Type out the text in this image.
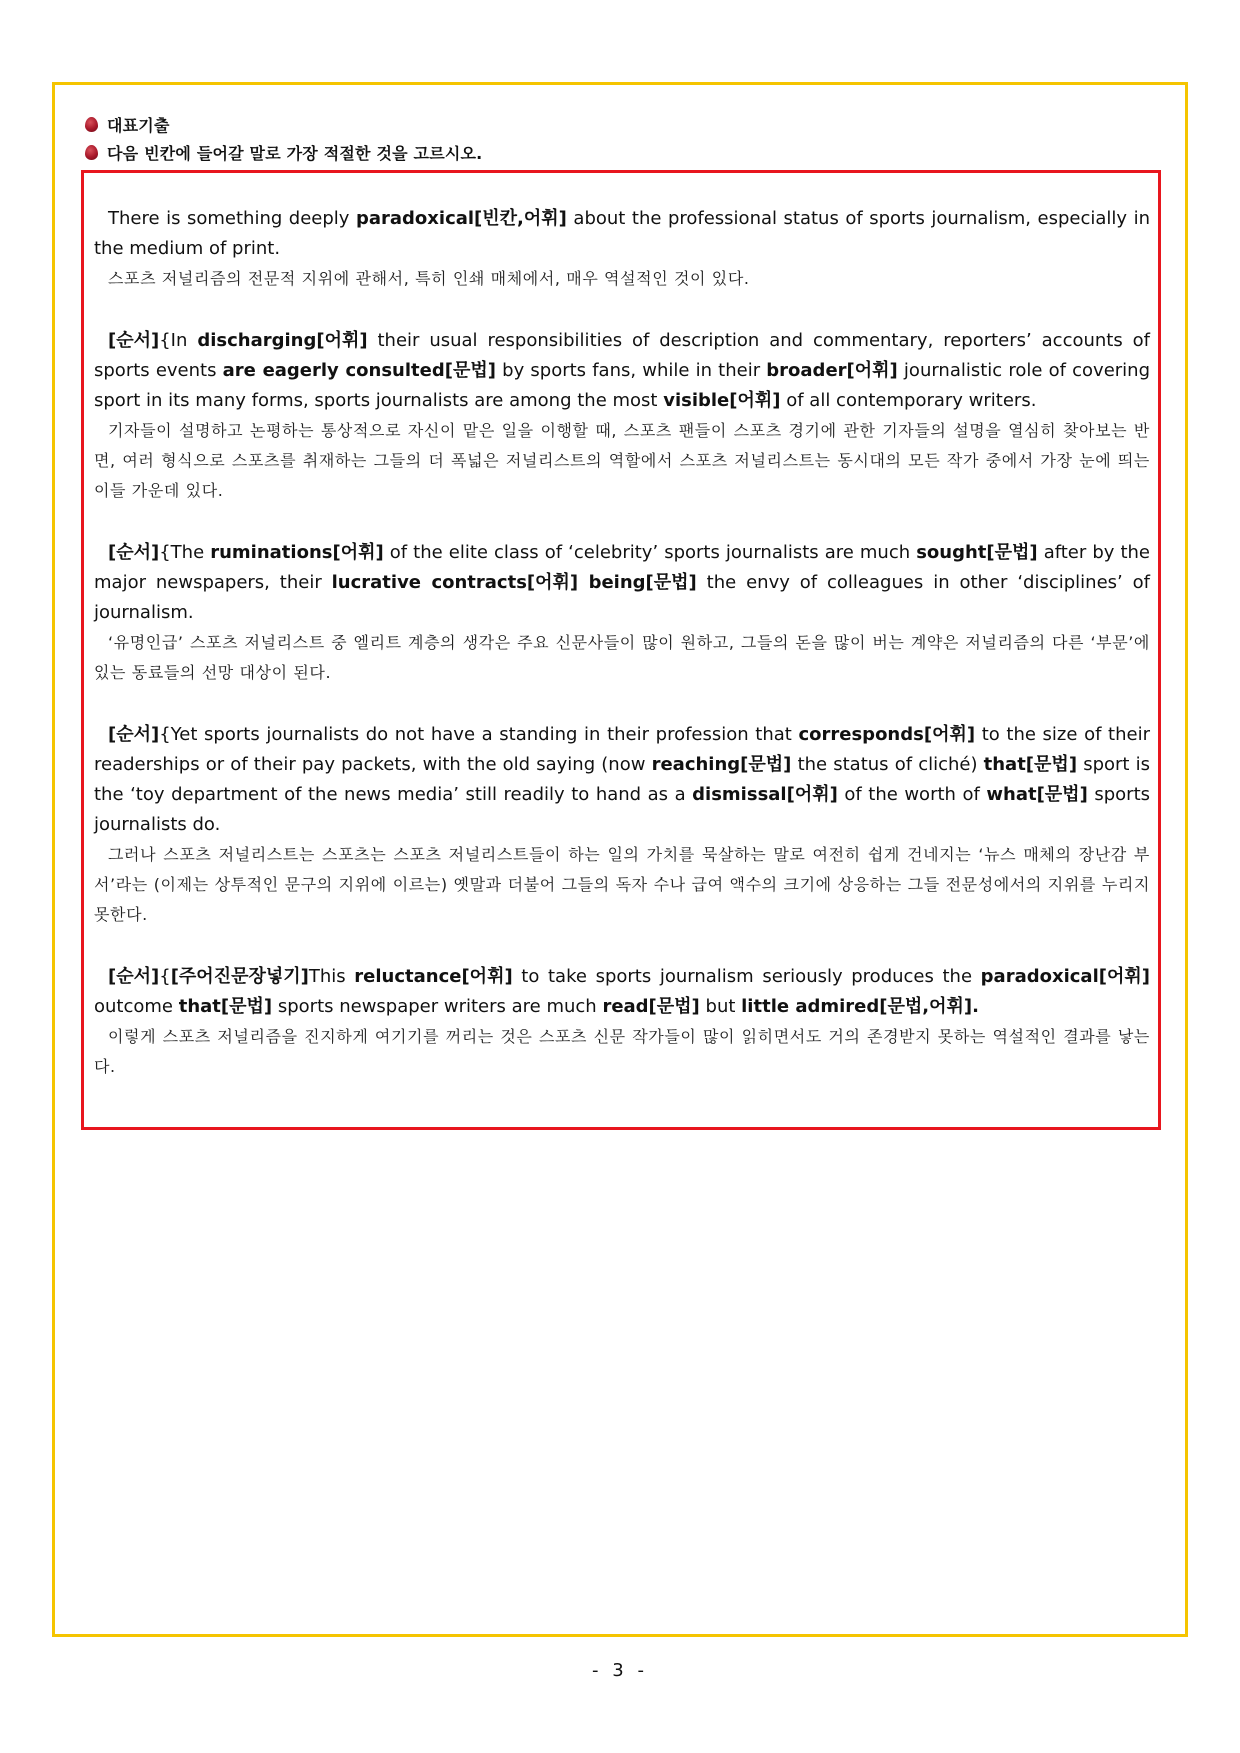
대표기출
다음 빈칸에 들어갈 말로 가장 적절한 것을 고르시오.

There is something deeply paradoxical[빈칸,어휘] about the professional status of sports journalism, especially in the medium of print.

스포츠 저널리즘의 전문적 지위에 관해서, 특히 인쇄 매체에서, 매우 역설적인 것이 있다.

[순서]{In discharging[어휘] their usual responsibilities of description and commentary, reporters’ accounts of sports events are eagerly consulted[문법] by sports fans, while in their broader[어휘] journalistic role of covering sport in its many forms, sports journalists are among the most visible[어휘] of all contemporary writers.

기자들이 설명하고 논평하는 통상적으로 자신이 맡은 일을 이행할 때, 스포츠 팬들이 스포츠 경기에 관한 기자들의 설명을 열심히 찾아보는 반면, 여러 형식으로 스포츠를 취재하는 그들의 더 폭넓은 저널리스트의 역할에서 스포츠 저널리스트는 동시대의 모든 작가 중에서 가장 눈에 띄는 이들 가운데 있다.

[순서]{The ruminations[어휘] of the elite class of ‘celebrity’ sports journalists are much sought[문법] after by the major newspapers, their lucrative contracts[어휘] being[문법] the envy of colleagues in other ‘disciplines’ of journalism.

‘유명인급’ 스포츠 저널리스트 중 엘리트 계층의 생각은 주요 신문사들이 많이 원하고, 그들의 돈을 많이 버는 계약은 저널리즘의 다른 ‘부문’에 있는 동료들의 선망 대상이 된다.

[순서]{Yet sports journalists do not have a standing in their profession that corresponds[어휘] to the size of their readerships or of their pay packets, with the old saying (now reaching[문법] the status of cliché) that[문법] sport is the ‘toy department of the news media’ still readily to hand as a dismissal[어휘] of the worth of what[문법] sports journalists do.

그러나 스포츠 저널리스트는 스포츠는 스포츠 저널리스트들이 하는 일의 가치를 묵살하는 말로 여전히 쉽게 건네지는 ‘뉴스 매체의 장난감 부서’라는 (이제는 상투적인 문구의 지위에 이르는) 옛말과 더불어 그들의 독자 수나 급여 액수의 크기에 상응하는 그들 전문성에서의 지위를 누리지 못한다.

[순서]{[주어진문장넣기]This reluctance[어휘] to take sports journalism seriously produces the paradoxical[어휘] outcome that[문법] sports newspaper writers are much read[문법] but little admired[문법,어휘].

이렇게 스포츠 저널리즘을 진지하게 여기기를 꺼리는 것은 스포츠 신문 작가들이 많이 읽히면서도 거의 존경받지 못하는 역설적인 결과를 낳는다.

- 3 -
